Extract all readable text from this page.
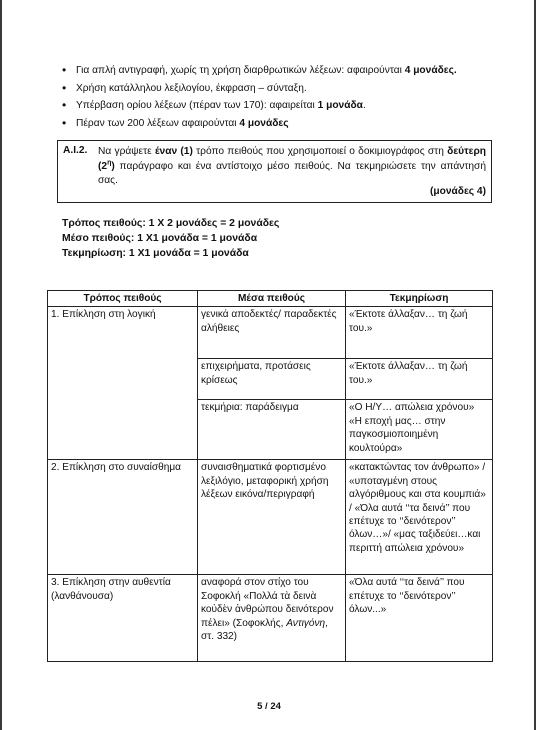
• Για απλή αντιγραφή, χωρίς τη χρήση διαρθρωτικών λέξεων: αφαιρούνται 4 μονάδες.
• Χρήση κατάλληλου λεξιλογίου, έκφραση – σύνταξη.
• Υπέρβαση ορίου λέξεων (πέραν των 170): αφαιρείται 1 μονάδα.
• Πέραν των 200 λέξεων αφαιρούνται 4 μονάδες
A.I.2. Να γράψετε έναν (1) τρόπο πειθούς που χρησιμοποιεί ο δοκιμιογράφος στη δεύτερη $(2^\eta)$ παράγραφο και ένα αντίστοιχο μέσο πειθούς. Να τεκμηριώσετε την απάντησή σας.
(μονάδες 4)
Τρόπος πειθούς: 1 Χ 2 μονάδες = 2 μονάδες
Μέσο πειθούς: 1 Χ1 μονάδα = 1 μονάδα
Τεκμηρίωση: 1 Χ1 μονάδα = 1 μονάδα
Τρόπος πειθούς	Μέσα πειθούς	Τεκμηρίωση
1. Επίκληση στη λογική	γενικά αποδεκτές/ παραδεκτές αλήθειες	«Έκτοτε άλλαξαν… τη ζωή του.»
	επιχειρήματα, προτάσεις κρίσεως	«Έκτοτε άλλαξαν… τη ζωή του.»
	τεκμήρια: παράδειγμα	«Ο Η/Υ… απώλεια χρόνου» «Η εποχή μας… στην παγκοσμιοποιημένη κουλτούρα»
2. Επίκληση στο συναίσθημα	συναισθηματικά φορτισμένο λεξιλόγιο, μεταφορική χρήση λέξεων εικόνα/περιγραφή	«κατακτώντας τον άνθρωπο» / «υποταγμένη στους αλγόριθμους και στα κουμπιά» / «Όλα αυτά ‘‘τα δεινά’’ που επέτυχε το ‘‘δεινότερον’’ όλων…»/ «μας ταξιδεύει…και περιττή απώλεια χρόνου»
3. Επίκληση στην αυθεντία (λανθάνουσα)	αναφορά στον στίχο του Σοφοκλή «Πολλά τὰ δεινὰ κοὐδὲν ἀνθρώπου δεινότερον πέλει» (Σοφοκλής, Αντιγόνη, στ. 332)	«Όλα αυτά ‘‘τα δεινά’’ που επέτυχε το ‘‘δεινότερον’’ όλων...»
5 / 24
